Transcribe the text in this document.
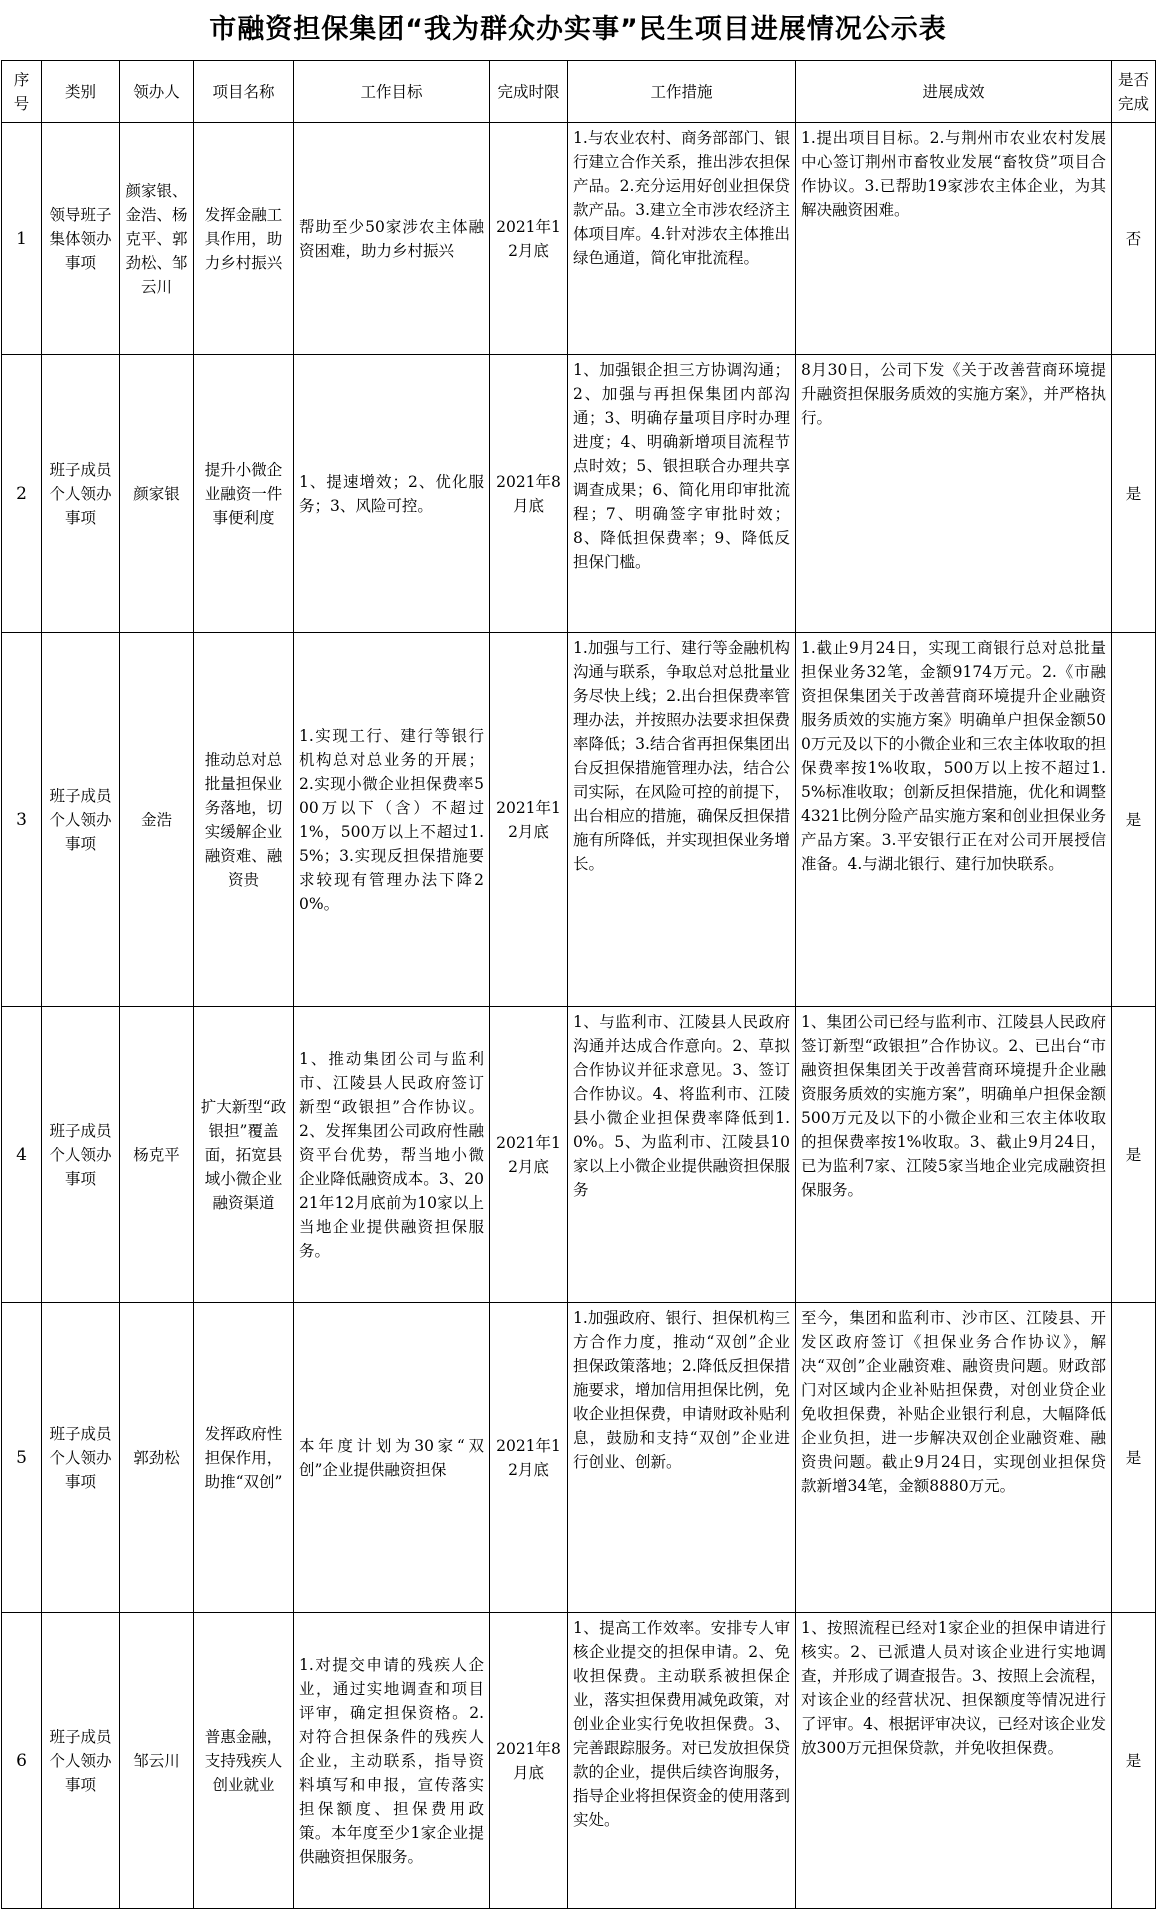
市融资担保集团“我为群众办实事”民生项目进展情况公示表
序号	类别	领办人	项目名称	工作目标	完成时限	工作措施	进展成效	是否完成
1	领导班子集体领办事项	颜家银、金浩、杨克平、郭劲松、邹云川	发挥金融工具作用，助力乡村振兴	帮助至少50家涉农主体融资困难，助力乡村振兴	2021年12月底	1.与农业农村、商务部部门、银行建立合作关系，推出涉农担保产品。2.充分运用好创业担保贷款产品。3.建立全市涉农经济主体项目库。4.针对涉农主体推出绿色通道，简化审批流程。	1.提出项目目标。2.与荆州市农业农村发展中心签订荆州市畜牧业发展“畜牧贷”项目合作协议。3.已帮助19家涉农主体企业，为其解决融资困难。	否
2	班子成员个人领办事项	颜家银	提升小微企业融资一件事便利度	1、提速增效；2、优化服务；3、风险可控。	2021年8月底	1、加强银企担三方协调沟通；2、加强与再担保集团内部沟通；3、明确存量项目序时办理进度；4、明确新增项目流程节点时效；5、银担联合办理共享调查成果；6、简化用印审批流程；7、明确签字审批时效；8、降低担保费率；9、降低反担保门槛。	8月30日，公司下发《关于改善营商环境提升融资担保服务质效的实施方案》，并严格执行。	是
3	班子成员个人领办事项	金浩	推动总对总批量担保业务落地，切实缓解企业融资难、融资贵	1.实现工行、建行等银行机构总对总业务的开展；2.实现小微企业担保费率500万以下（含）不超过1%，500万以上不超过1.5%；3.实现反担保措施要求较现有管理办法下降20%。	2021年12月底	1.加强与工行、建行等金融机构沟通与联系，争取总对总批量业务尽快上线；2.出台担保费率管理办法，并按照办法要求担保费率降低；3.结合省再担保集团出台反担保措施管理办法，结合公司实际，在风险可控的前提下，出台相应的措施，确保反担保措施有所降低，并实现担保业务增长。	1.截止9月24日，实现工商银行总对总批量担保业务32笔，金额9174万元。2.《市融资担保集团关于改善营商环境提升企业融资服务质效的实施方案》明确单户担保金额500万元及以下的小微企业和三农主体收取的担保费率按1%收取，500万以上按不超过1.5%标准收取；创新反担保措施，优化和调整4321比例分险产品实施方案和创业担保业务产品方案。3.平安银行正在对公司开展授信准备。4.与湖北银行、建行加快联系。	是
4	班子成员个人领办事项	杨克平	扩大新型“政银担”覆盖面，拓宽县域小微企业融资渠道	1、推动集团公司与监利市、江陵县人民政府签订新型“政银担”合作协议。2、发挥集团公司政府性融资平台优势，帮当地小微企业降低融资成本。3、2021年12月底前为10家以上当地企业提供融资担保服务。	2021年12月底	1、与监利市、江陵县人民政府沟通并达成合作意向。2、草拟合作协议并征求意见。3、签订合作协议。4、将监利市、江陵县小微企业担保费率降低到1.0%。5、为监利市、江陵县10家以上小微企业提供融资担保服务	1、集团公司已经与监利市、江陵县人民政府签订新型“政银担”合作协议。2、已出台“市融资担保集团关于改善营商环境提升企业融资服务质效的实施方案”，明确单户担保金额500万元及以下的小微企业和三农主体收取的担保费率按1%收取。3、截止9月24日，已为监利7家、江陵5家当地企业完成融资担保服务。	是
5	班子成员个人领办事项	郭劲松	发挥政府性担保作用，助推“双创”	本年度计划为30家“双创”企业提供融资担保	2021年12月底	1.加强政府、银行、担保机构三方合作力度，推动“双创”企业担保政策落地；2.降低反担保措施要求，增加信用担保比例，免收企业担保费，申请财政补贴利息，鼓励和支持“双创”企业进行创业、创新。	至今，集团和监利市、沙市区、江陵县、开发区政府签订《担保业务合作协议》，解决“双创”企业融资难、融资贵问题。财政部门对区域内企业补贴担保费，对创业贷企业免收担保费，补贴企业银行利息，大幅降低企业负担，进一步解决双创企业融资难、融资贵问题。截止9月24日，实现创业担保贷款新增34笔，金额8880万元。	是
6	班子成员个人领办事项	邹云川	普惠金融，支持残疾人创业就业	1.对提交申请的残疾人企业，通过实地调查和项目评审，确定担保资格。2.对符合担保条件的残疾人企业，主动联系，指导资料填写和申报，宣传落实担保额度、担保费用政策。本年度至少1家企业提供融资担保服务。	2021年8月底	1、提高工作效率。安排专人审核企业提交的担保申请。2、免收担保费。主动联系被担保企业，落实担保费用减免政策，对创业企业实行免收担保费。3、完善跟踪服务。对已发放担保贷款的企业，提供后续咨询服务，指导企业将担保资金的使用落到实处。	1、按照流程已经对1家企业的担保申请进行核实。2、已派遣人员对该企业进行实地调查，并形成了调查报告。3、按照上会流程，对该企业的经营状况、担保额度等情况进行了评审。4、根据评审决议，已经对该企业发放300万元担保贷款，并免收担保费。	是
